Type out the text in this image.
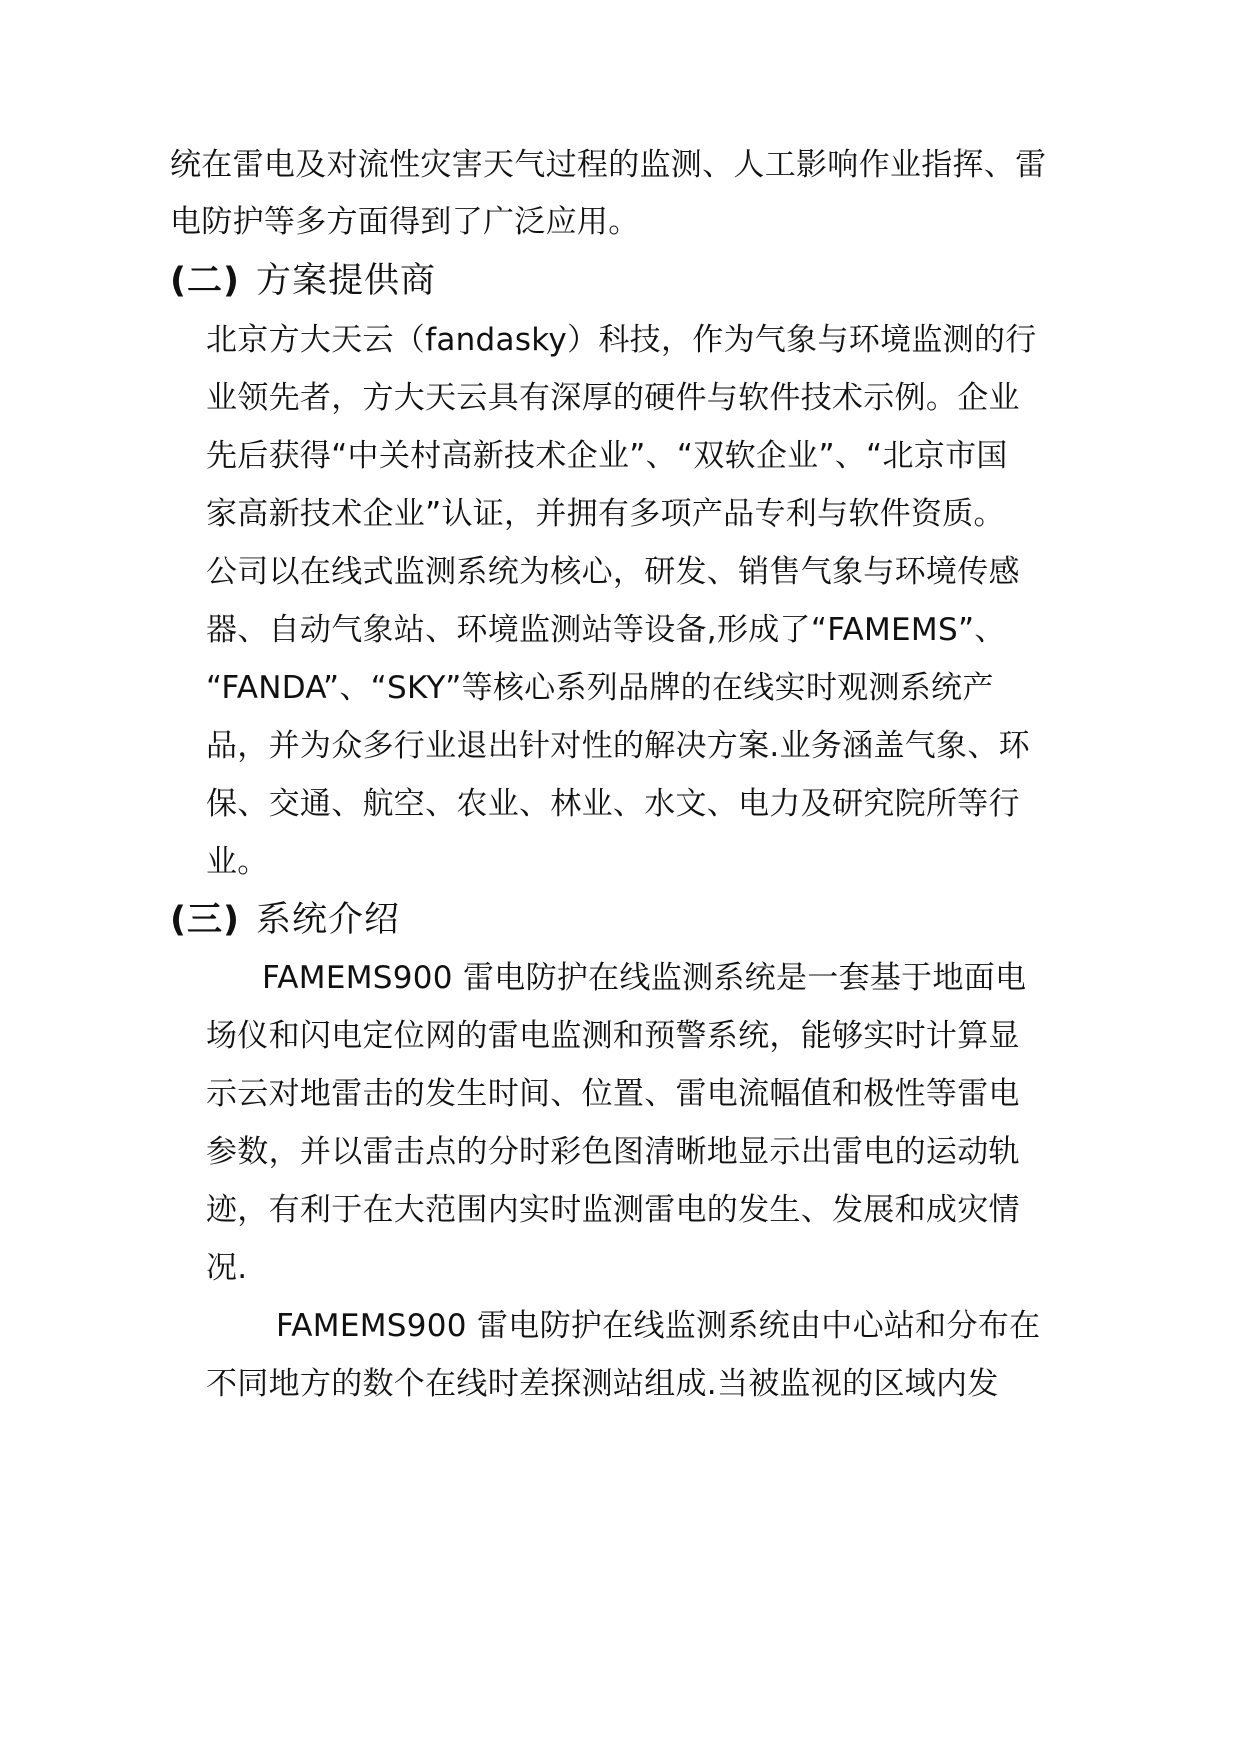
统在雷电及对流性灾害天气过程的监测、人工影响作业指挥、雷
电防护等多方面得到了广泛应用。
(二) 方案提供商
北京方大天云（fandasky）科技，作为气象与环境监测的行
业领先者，方大天云具有深厚的硬件与软件技术示例。企业
先后获得“中关村高新技术企业”、“双软企业”、“北京市国
家高新技术企业”认证，并拥有多项产品专利与软件资质。
公司以在线式监测系统为核心，研发、销售气象与环境传感
器、自动气象站、环境监测站等设备,形成了“FAMEMS”、
“FANDA”、“SKY”等核心系列品牌的在线实时观测系统产
品，并为众多行业退出针对性的解决方案.业务涵盖气象、环
保、交通、航空、农业、林业、水文、电力及研究院所等行
业。
(三) 系统介绍
FAMEMS900 雷电防护在线监测系统是一套基于地面电
场仪和闪电定位网的雷电监测和预警系统，能够实时计算显
示云对地雷击的发生时间、位置、雷电流幅值和极性等雷电
参数，并以雷击点的分时彩色图清晰地显示出雷电的运动轨
迹，有利于在大范围内实时监测雷电的发生、发展和成灾情
况.
FAMEMS900 雷电防护在线监测系统由中心站和分布在
不同地方的数个在线时差探测站组成.当被监视的区域内发
